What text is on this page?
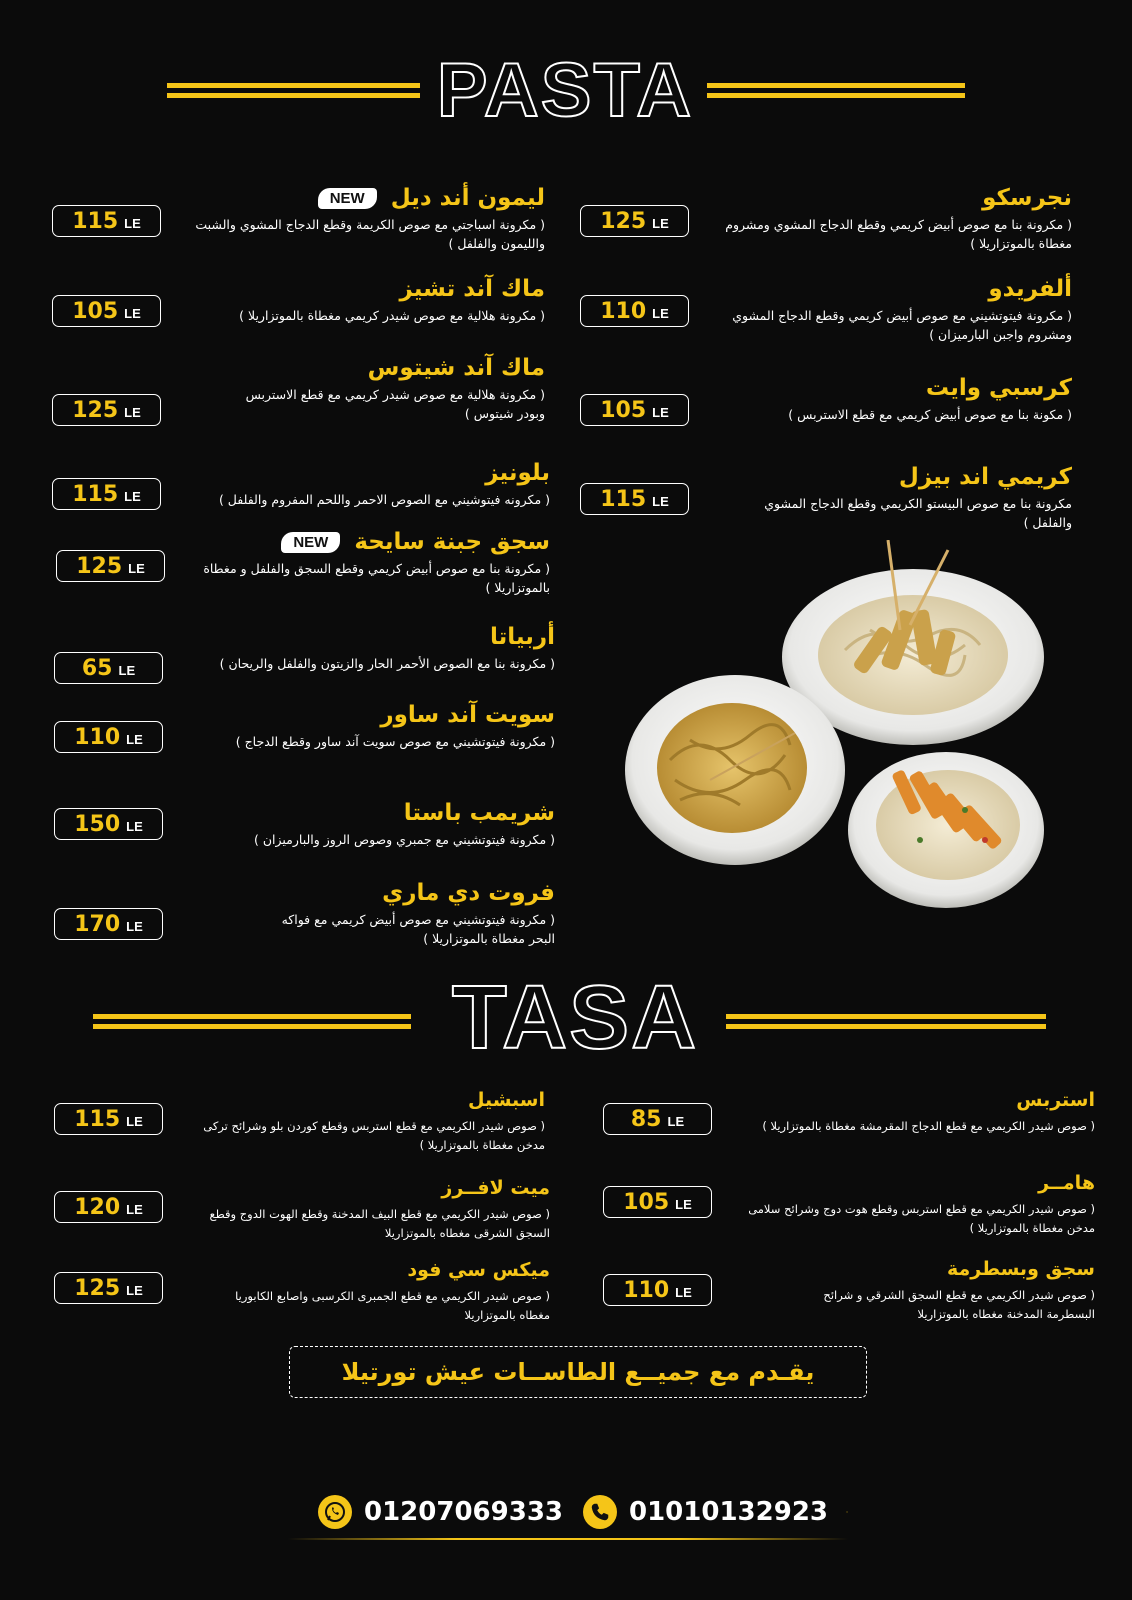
PASTA
ليمون أند ديل
NEW
( مكرونة اسباجتي مع صوص الكريمة وقطع الدجاج المشوي والشبت والليمون والفلفل )
115 LE
ماك آند تشيز
( مكرونة هلالية مع صوص شيدر كريمي مغطاة بالموتزاريلا )
105 LE
ماك آند شيتوس
( مكرونة هلالية مع صوص شيدر كريمي مع قطع الاستربس وبودر شيتوس )
125 LE
بلونيز
( مكرونه فيتوشيني مع الصوص الاحمر واللحم المفروم والفلفل )
115 LE
سجق جبنة سايحة
NEW
( مكرونة بنا مع صوص أبيض كريمي وقطع السجق والفلفل و مغطاة بالموتزاريلا )
125 LE
أربياتا
( مكرونة بنا مع الصوص الأحمر الحار والزيتون والفلفل والريحان )
65 LE
سويت آند ساور
( مكرونة فيتوتشيني مع صوص سويت آند ساور وقطع الدجاج )
110 LE
شريمب باستا
( مكرونة فيتوتشيني مع جمبري وصوص الروز والبارميزان )
150 LE
فروت دي ماري
( مكرونة فيتوتشيني مع صوص أبيض كريمي مع فواكه البحر مغطاة بالموتزاريلا )
170 LE
نجرسكو
( مكرونة بنا مع صوص أبيض كريمي وقطع الدجاج المشوي ومشروم مغطاة بالموتزاريلا )
125 LE
ألفريدو
( مكرونة فيتوتشيني مع صوص أبيض كريمي وقطع الدجاج المشوي ومشروم واجبن البارميزان )
110 LE
كرسبي وايت
( مكونة بنا مع صوص أبيض كريمي مع قطع الاستربس )
105 LE
كريمي اند بيزل
مكرونة بنا مع صوص البيستو الكريمي وقطع الدجاج المشوي والفلفل )
115 LE
TASA
اسبشيل
( صوص شيدر الكريمي مع قطع استربس وقطع كوردن بلو وشرائح تركى مدخن مغطاة بالموتزاريلا )
115 LE
ميت لافــرز
( صوص شيدر الكريمي مع قطع البيف المدخنة وقطع الهوت الدوج وقطع السجق الشرقى مغطاه بالموتزاريلا
120 LE
ميكس سي فود
( صوص شيدر الكريمي مع قطع الجمبرى الكرسبى واصابع الكابوريا مغطاه بالموتزاريلا
125 LE
استربس
( صوص شيدر الكريمي مع قطع الدجاج المقرمشة مغطاة بالموتزاريلا )
85 LE
هامــر
( صوص شيدر الكريمي مع قطع استربس وقطع هوت دوج وشرائح سلامى مدخن مغطاة بالموتزاريلا )
105 LE
سجق وبسطرمة
( صوص شيدر الكريمي مع قطع السجق الشرقي و شرائح البسطرمة المدخنة مغطاه بالموتزاريلا
110 LE
يقـدم مع جميــع الطاســات عيش تورتيلا
01207069333	01010132923
